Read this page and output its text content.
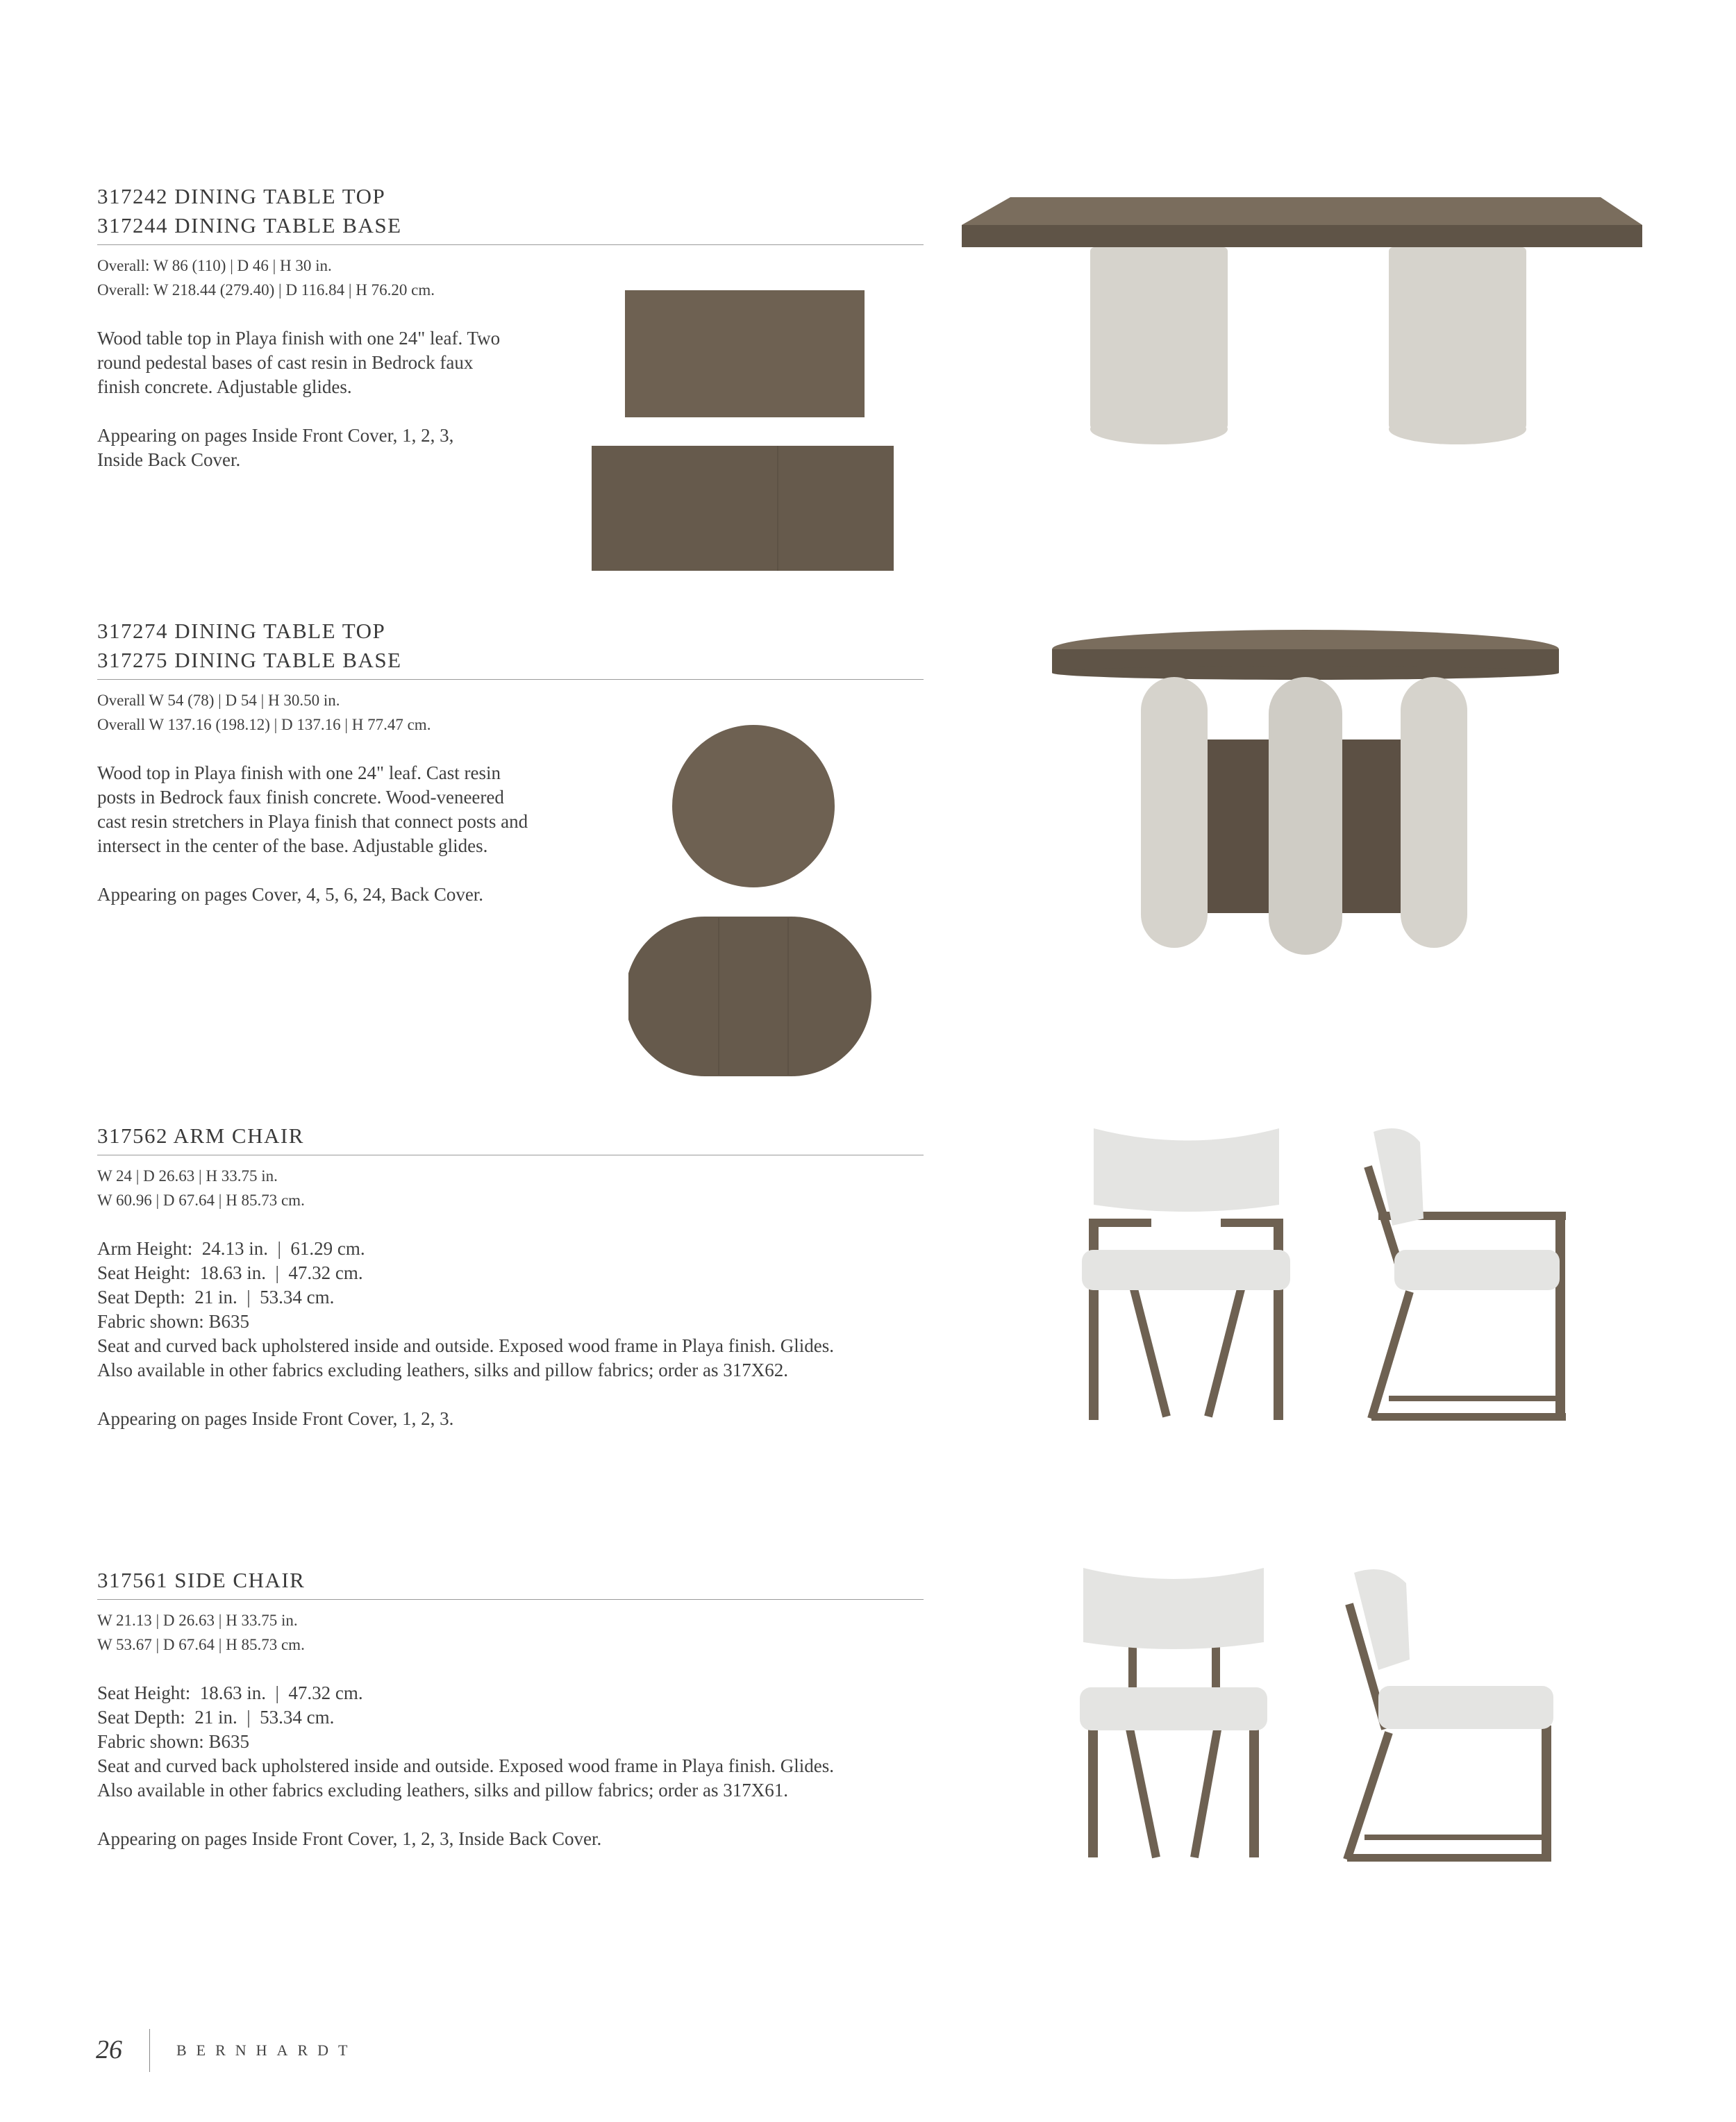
317242 DINING TABLE TOP
317244 DINING TABLE BASE
Overall: W 86 (110) | D 46 | H 30 in.
Overall: W 218.44 (279.40) | D 116.84 | H 76.20 cm.
Wood table top in Playa finish with one 24" leaf. Two
round pedestal bases of cast resin in Bedrock faux
finish concrete. Adjustable glides.
Appearing on pages Inside Front Cover, 1, 2, 3,
Inside Back Cover.
317274 DINING TABLE TOP
317275 DINING TABLE BASE
Overall W 54 (78) | D 54 | H 30.50 in.
Overall W 137.16 (198.12) | D 137.16 | H 77.47 cm.
Wood top in Playa finish with one 24" leaf. Cast resin
posts in Bedrock faux finish concrete. Wood-veneered
cast resin stretchers in Playa finish that connect posts and
intersect in the center of the base. Adjustable glides.
Appearing on pages Cover, 4, 5, 6, 24, Back Cover.
317562 ARM CHAIR
W 24 | D 26.63 | H 33.75 in.
W 60.96 | D 67.64 | H 85.73 cm.
Arm Height:  24.13 in.  |  61.29 cm.
Seat Height:  18.63 in.  |  47.32 cm.
Seat Depth:  21 in.  |  53.34 cm.
Fabric shown: B635
Seat and curved back upholstered inside and outside. Exposed wood frame in Playa finish. Glides.
Also available in other fabrics excluding leathers, silks and pillow fabrics; order as 317X62.
Appearing on pages Inside Front Cover, 1, 2, 3.
317561 SIDE CHAIR
W 21.13 | D 26.63 | H 33.75 in.
W 53.67 | D 67.64 | H 85.73 cm.
Seat Height:  18.63 in.  |  47.32 cm.
Seat Depth:  21 in.  |  53.34 cm.
Fabric shown: B635
Seat and curved back upholstered inside and outside. Exposed wood frame in Playa finish. Glides.
Also available in other fabrics excluding leathers, silks and pillow fabrics; order as 317X61.
Appearing on pages Inside Front Cover, 1, 2, 3, Inside Back Cover.
26	BERNHARDT
